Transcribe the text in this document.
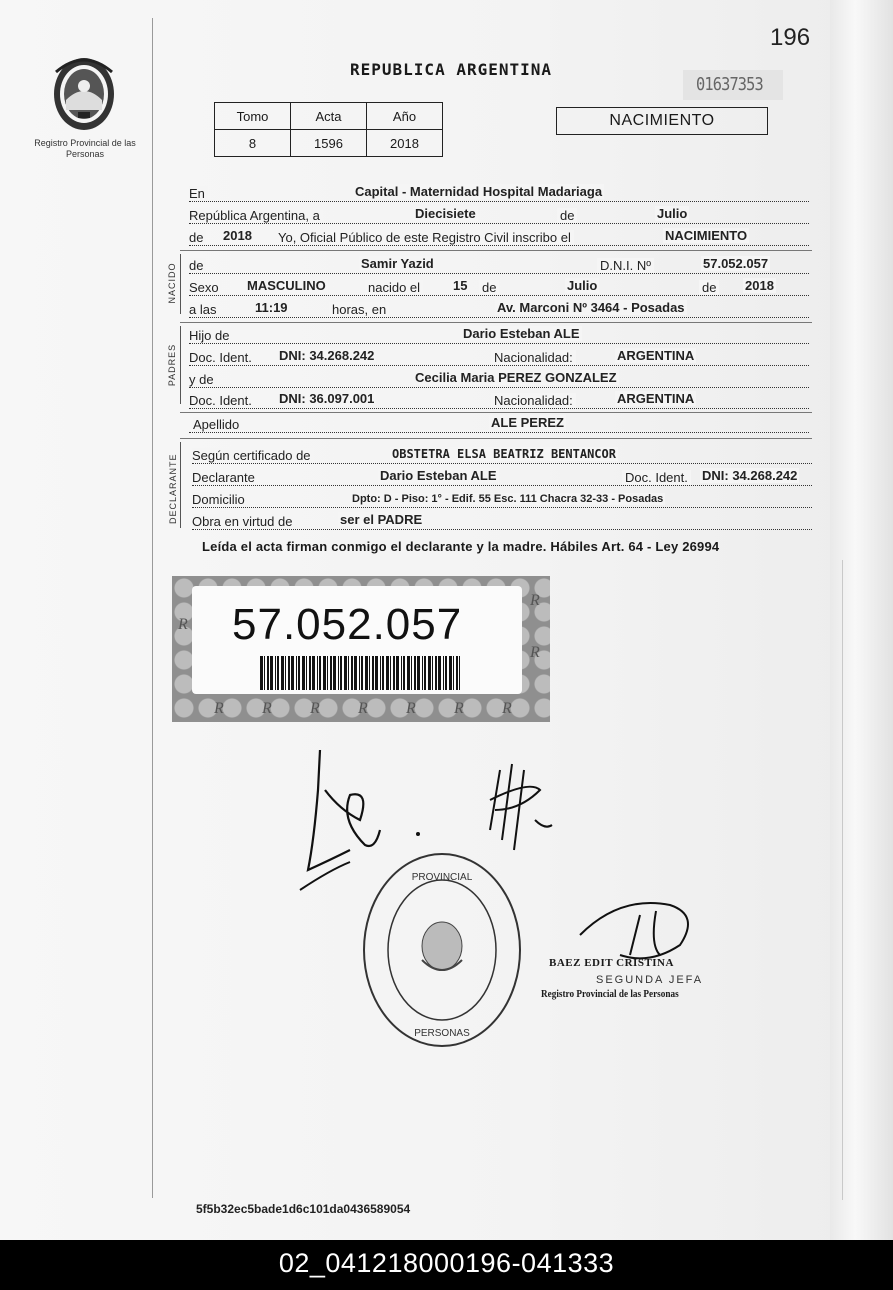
196
Registro Provincial de las Personas
REPUBLICA ARGENTINA
01637353
Tomo	Acta	Año
8	1596	2018
NACIMIENTO
En	Capital - Maternidad Hospital Madariaga
República Argentina, a	Diecisiete	de	Julio
de 2018 Yo, Oficial Público de este Registro Civil inscribo el	NACIMIENTO
NACIDO de	Samir Yazid	D.N.I. Nº	57.052.057
Sexo MASCULINO	nacido el	15 de	Julio	de 2018
a las	11:19	horas, en	Av. Marconi Nº 3464 - Posadas
PADRES
Hijo de	Dario Esteban ALE
Doc. Ident. DNI: 34.268.242	Nacionalidad:	ARGENTINA
y de	Cecilia Maria PEREZ GONZALEZ
Doc. Ident. DNI: 36.097.001	Nacionalidad:	ARGENTINA
Apellido	ALE PEREZ
DECLARANTE Según certificado de	OBSTETRA ELSA BEATRIZ BENTANCOR
Declarante	Dario Esteban ALE	Doc. Ident. DNI: 34.268.242
Domicilio	Dpto: D - Piso: 1° - Edif. 55 Esc. 111 Chacra 32-33 - Posadas
Obra en virtud de	ser el PADRE
Leída el acta firman conmigo el declarante y la madre. Hábiles Art. 64 - Ley 26994
57.052.057
R
R
R
R R R R R R R
PROVINCIAL
PERSONAS
BAEZ EDIT CRISTINA
SEGUNDA JEFA
Registro Provincial de las Personas
5f5b32ec5bade1d6c101da0436589054
02_041218000196-041333
